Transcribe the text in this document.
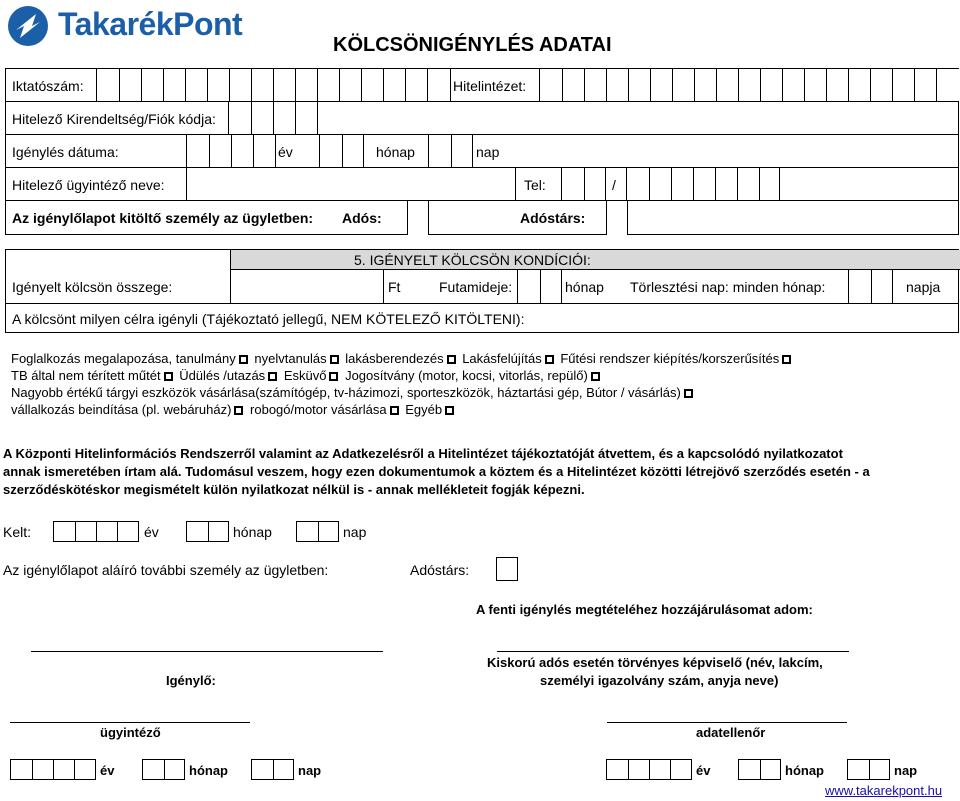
TakarékPont
KÖLCSÖNIGÉNYLÉS ADATAI
Iktatószám:	Hitelintézet:
Hitelező Kirendeltség/Fiók kódja:
Igénylés dátuma:	év	hónap	nap
Hitelező ügyintéző neve:	Tel:	/
Az igénylőlapot kitöltő személy az ügyletben: Adós:	Adóstárs:
5. IGÉNYELT KÖLCSÖN KONDÍCIÓI:
Igényelt kölcsön összege:	Ft	Futamideje:	hónap Törlesztési nap: minden hónap:	napja
A kölcsönt milyen célra igényli (Tájékoztató jellegű, NEM KÖTELEZŐ KITÖLTENI):
Foglalkozás megalapozása, tanulmány nyelvtanulás lakásberendezés Lakásfelújítás Fűtési rendszer kiépítés/korszerűsítés
TB által nem térített műtét Üdülés /utazás Esküvő Jogosítvány (motor, kocsi, vitorlás, repülő)
Nagyobb értékű tárgyi eszközök vásárlása(számítógép, tv-házimozi, sporteszközök, háztartási gép, Bútor / vásárlás)
vállalkozás beindítása (pl. webáruház) robogó/motor vásárlása Egyéb
A Központi Hitelinformációs Rendszerről valamint az Adatkezelésről a Hitelintézet tájékoztatóját átvettem, és a kapcsolódó nyilatkozatot
annak ismeretében írtam alá. Tudomásul veszem, hogy ezen dokumentumok a köztem és a Hitelintézet közötti létrejövő szerződés esetén - a
szerződéskötéskor megismételt külön nyilatkozat nélkül is - annak mellékleteit fogják képezni.
Kelt:	év	hónap	nap
Az igénylőlapot aláíró további személy az ügyletben:	Adóstárs:
A fenti igénylés megtételéhez hozzájárulásomat adom:
Kiskorú adós esetén törvényes képviselő (név, lakcím,
személyi igazolvány szám, anyja neve)
Igénylő:
ügyintéző	adatellenőr
év	hónap	nap	év	hónap	nap
www.takarekpont.hu
